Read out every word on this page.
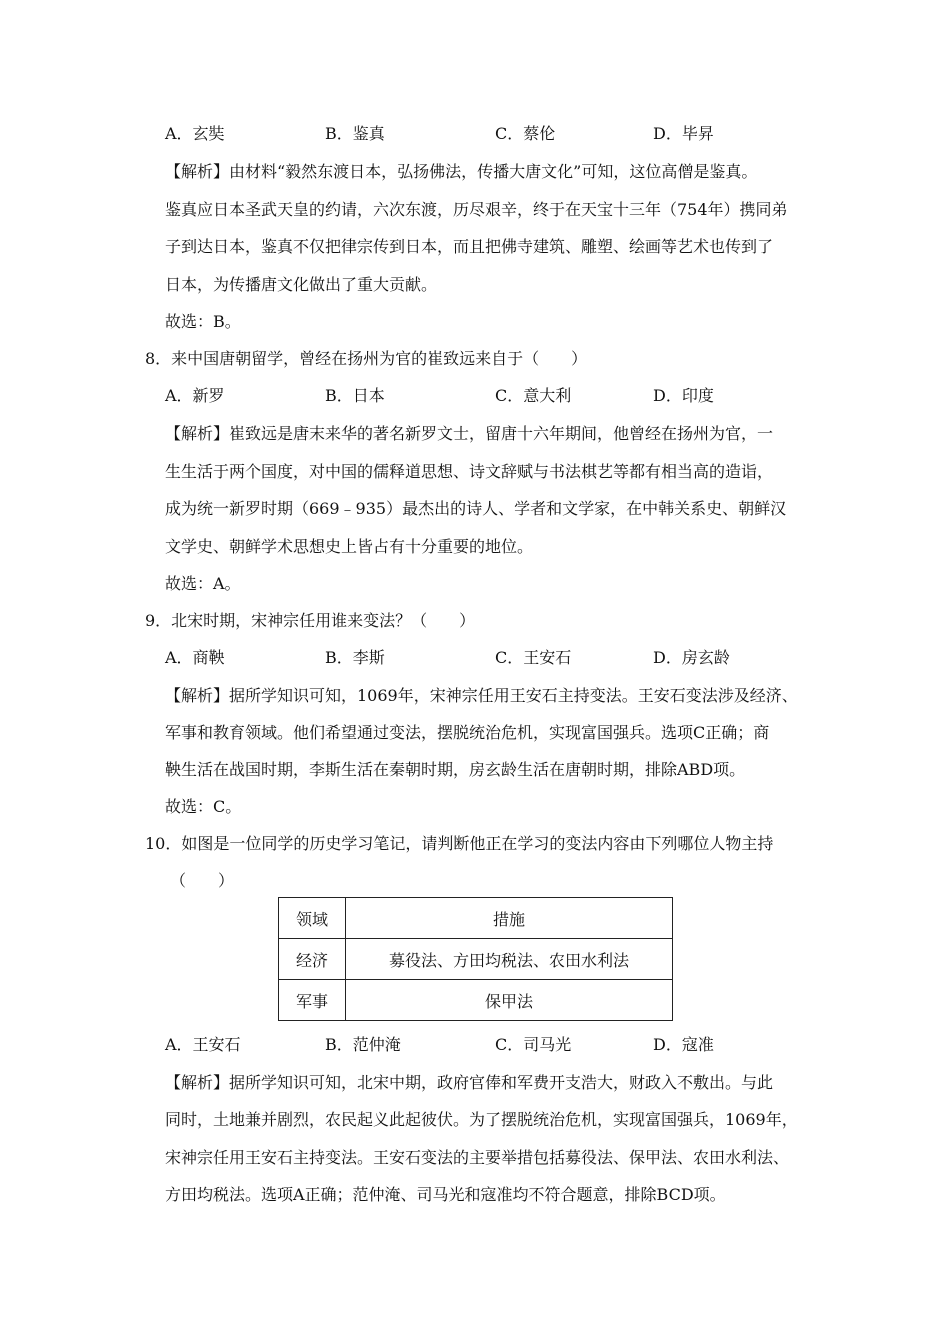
A．玄奘	B．鉴真	C．蔡伦	D．毕昇
【解析】由材料“毅然东渡日本，弘扬佛法，传播大唐文化”可知，这位高僧是鉴真。
鉴真应日本圣武天皇的约请，六次东渡，历尽艰辛，终于在天宝十三年（754年）携同弟
子到达日本，鉴真不仅把律宗传到日本，而且把佛寺建筑、雕塑、绘画等艺术也传到了
日本，为传播唐文化做出了重大贡献。
故选：B。
8．来中国唐朝留学，曾经在扬州为官的崔致远来自于（　　）
A．新罗	B．日本	C．意大利	D．印度
【解析】崔致远是唐末来华的著名新罗文士，留唐十六年期间，他曾经在扬州为官，一
生生活于两个国度，对中国的儒释道思想、诗文辞赋与书法棋艺等都有相当高的造诣，
成为统一新罗时期（669﹣935）最杰出的诗人、学者和文学家，在中韩关系史、朝鲜汉
文学史、朝鲜学术思想史上皆占有十分重要的地位。
故选：A。
9．北宋时期，宋神宗任用谁来变法？（　　）
A．商鞅	B．李斯	C．王安石	D．房玄龄
【解析】据所学知识可知，1069年，宋神宗任用王安石主持变法。王安石变法涉及经济、
军事和教育领域。他们希望通过变法，摆脱统治危机，实现富国强兵。选项C正确；商
鞅生活在战国时期，李斯生活在秦朝时期，房玄龄生活在唐朝时期，排除ABD项。
故选：C。
10．如图是一位同学的历史学习笔记，请判断他正在学习的变法内容由下列哪位人物主持
（　　）
领域	措施
经济	募役法、方田均税法、农田水利法
军事	保甲法
A．王安石	B．范仲淹	C．司马光	D．寇准
【解析】据所学知识可知，北宋中期，政府官俸和军费开支浩大，财政入不敷出。与此
同时，土地兼并剧烈，农民起义此起彼伏。为了摆脱统治危机，实现富国强兵，1069年，
宋神宗任用王安石主持变法。王安石变法的主要举措包括募役法、保甲法、农田水利法、
方田均税法。选项A正确；范仲淹、司马光和寇准均不符合题意，排除BCD项。
